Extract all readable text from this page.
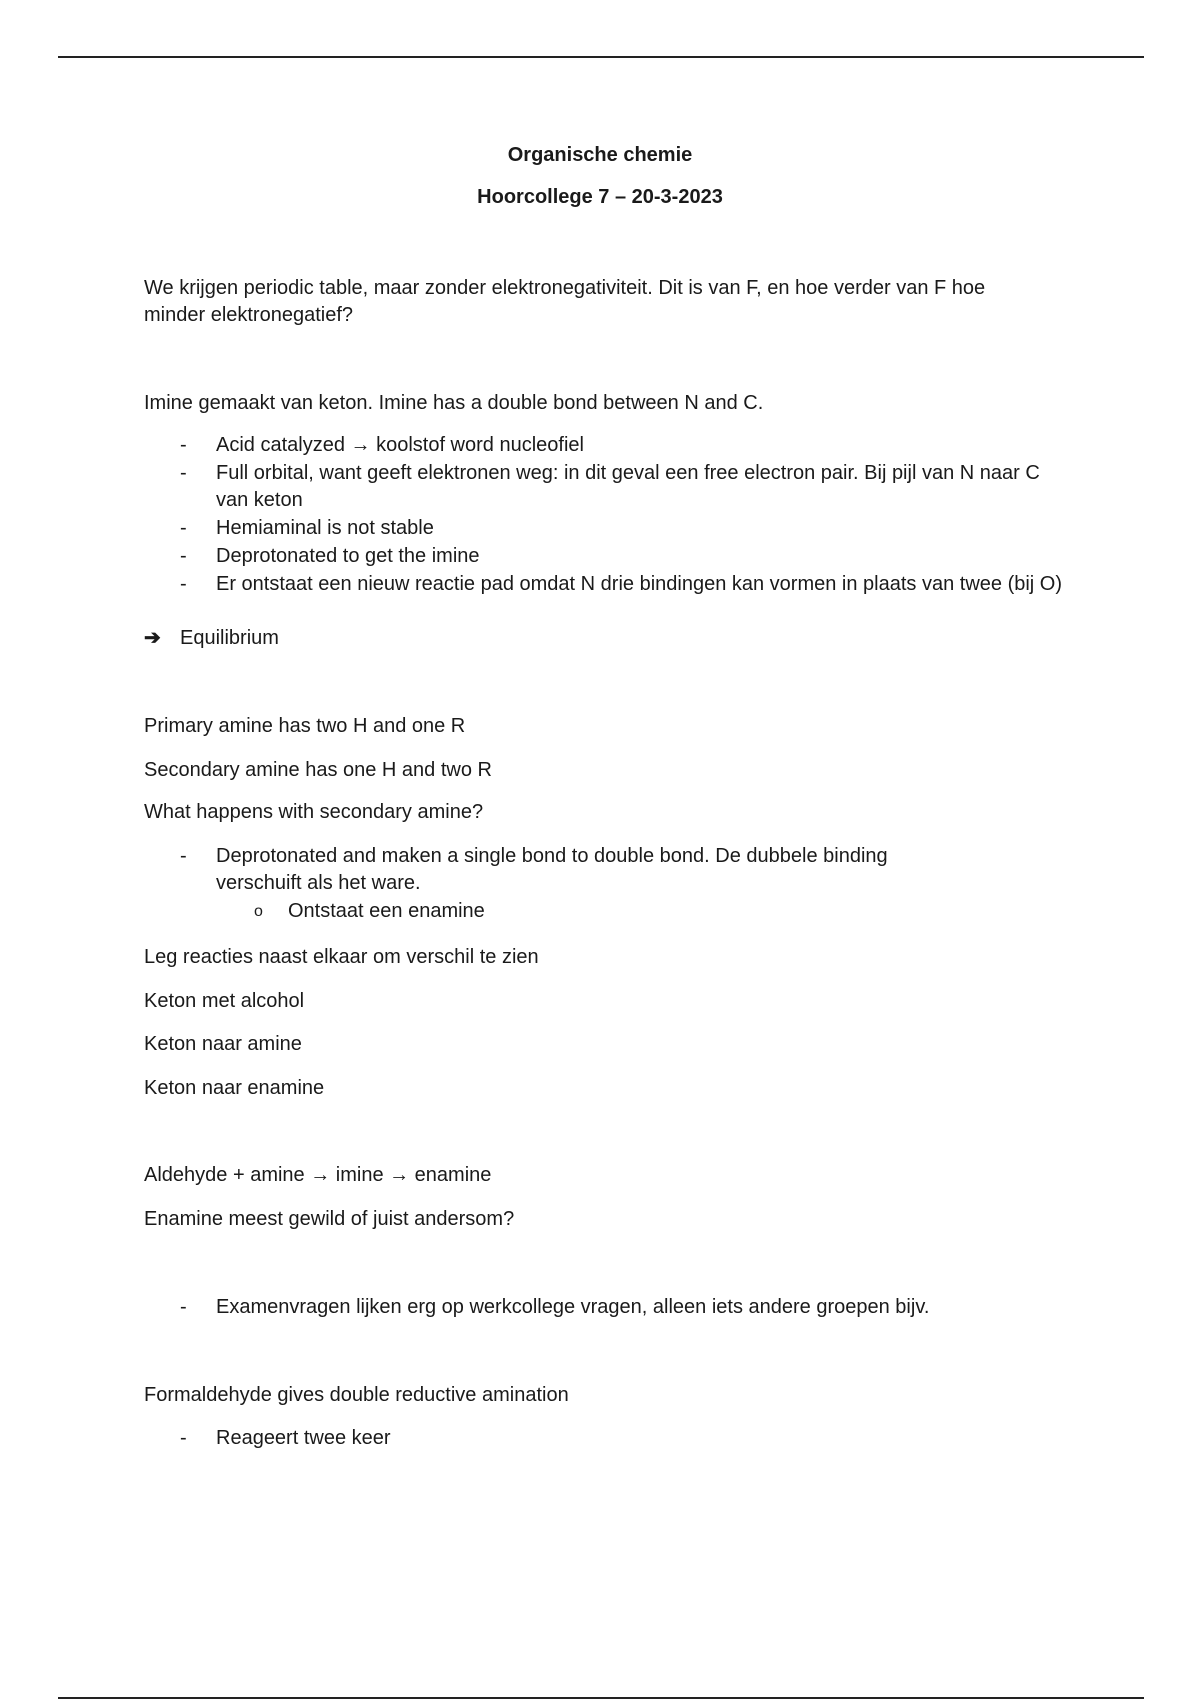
Organische chemie
Hoorcollege 7 – 20-3-2023
We krijgen periodic table, maar zonder elektronegativiteit. Dit is van F, en hoe verder van F hoe minder elektronegatief?
Imine gemaakt van keton. Imine has a double bond between N and C.
- Acid catalyzed → koolstof word nucleofiel
- Full orbital, want geeft elektronen weg: in dit geval een free electron pair. Bij pijl van N naar C van keton
- Hemiaminal is not stable
- Deprotonated to get the imine
- Er ontstaat een nieuw reactie pad omdat N drie bindingen kan vormen in plaats van twee (bij O)
➔ Equilibrium
Primary amine has two H and one R
Secondary amine has one H and two R
What happens with secondary amine?
- Deprotonated and maken a single bond to double bond. De dubbele binding verschuift als het ware.
o Ontstaat een enamine
Leg reacties naast elkaar om verschil te zien
Keton met alcohol
Keton naar amine
Keton naar enamine
Aldehyde + amine → imine → enamine
Enamine meest gewild of juist andersom?
- Examenvragen lijken erg op werkcollege vragen, alleen iets andere groepen bijv.
Formaldehyde gives double reductive amination
- Reageert twee keer
